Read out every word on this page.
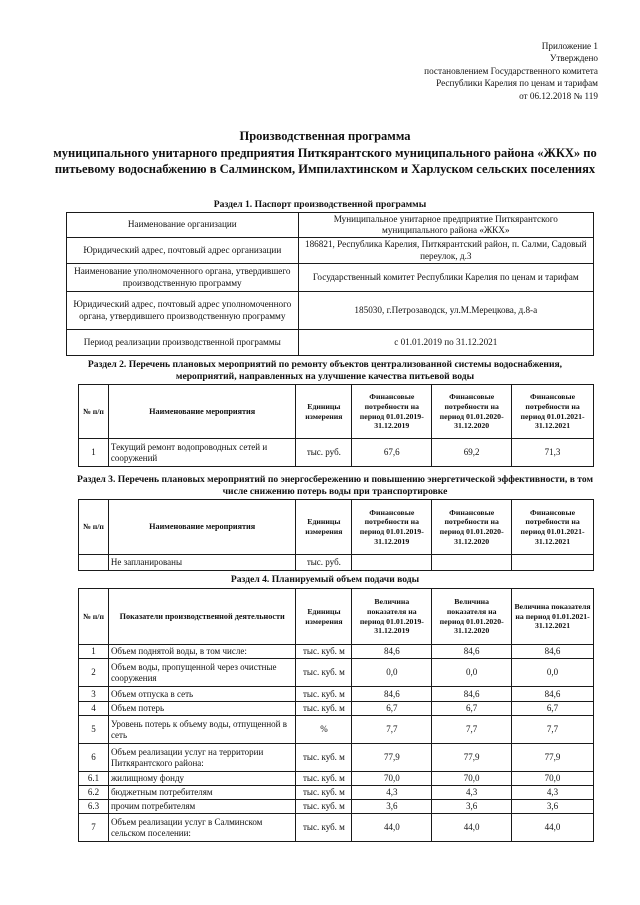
Приложение 1
Утверждено
постановлением Государственного комитета
Республики Карелия по ценам и тарифам
от 06.12.2018 № 119
Производственная программа
муниципального унитарного предприятия Питкярантского муниципального района «ЖКХ» по питьевому водоснабжению в Салминском, Импилахтинском и Харлуском сельских поселениях
Раздел 1. Паспорт производственной программы
Наименование организации	Муниципальное унитарное предприятие Питкярантского муниципального района «ЖКХ»
Юридический адрес, почтовый адрес организации	186821, Республика Карелия, Питкярантский район, п. Салми, Садовый переулок, д.3
Наименование уполномоченного органа, утвердившего производственную программу	Государственный комитет Республики Карелия по ценам и тарифам
Юридический адрес, почтовый адрес уполномоченного органа, утвердившего производственную программу	185030, г.Петрозаводск, ул.М.Мерецкова, д.8-а
Период реализации производственной программы	с 01.01.2019 по 31.12.2021
Раздел 2. Перечень плановых мероприятий по ремонту объектов централизованной системы водоснабжения, мероприятий, направленных на улучшение качества питьевой воды
№ п/п	Наименование мероприятия	Единицы измерения	Финансовые потребности на период 01.01.2019-31.12.2019	Финансовые потребности на период 01.01.2020-31.12.2020	Финансовые потребности на период 01.01.2021-31.12.2021
1	Текущий ремонт водопроводных сетей и сооружений	тыс. руб.	67,6	69,2	71,3
Раздел 3. Перечень плановых мероприятий по энергосбережению и повышению энергетической эффективности, в том числе снижению потерь воды при транспортировке
№ п/п	Наименование мероприятия	Единицы измерения	Финансовые потребности на период 01.01.2019-31.12.2019	Финансовые потребности на период 01.01.2020-31.12.2020	Финансовые потребности на период 01.01.2021-31.12.2021
	Не запланированы	тыс. руб.			
Раздел 4. Планируемый объем подачи воды
№ п/п	Показатели производственной деятельности	Единицы измерения	Величина показателя на период 01.01.2019-31.12.2019	Величина показателя на период 01.01.2020-31.12.2020	Величина показателя на период 01.01.2021-31.12.2021
1	Объем поднятой воды, в том числе:	тыс. куб. м	84,6	84,6	84,6
2	Объем воды, пропущенной через очистные сооружения	тыс. куб. м	0,0	0,0	0,0
3	Объем отпуска в сеть	тыс. куб. м	84,6	84,6	84,6
4	Объем потерь	тыс. куб. м	6,7	6,7	6,7
5	Уровень потерь к объему воды, отпущенной в сеть	%	7,7	7,7	7,7
6	Объем реализации услуг на территории Питкярантского района:	тыс. куб. м	77,9	77,9	77,9
6.1	жилищному фонду	тыс. куб. м	70,0	70,0	70,0
6.2	бюджетным потребителям	тыс. куб. м	4,3	4,3	4,3
6.3	прочим потребителям	тыс. куб. м	3,6	3,6	3,6
7	Объем реализации услуг в Салминском сельском поселении:	тыс. куб. м	44,0	44,0	44,0
